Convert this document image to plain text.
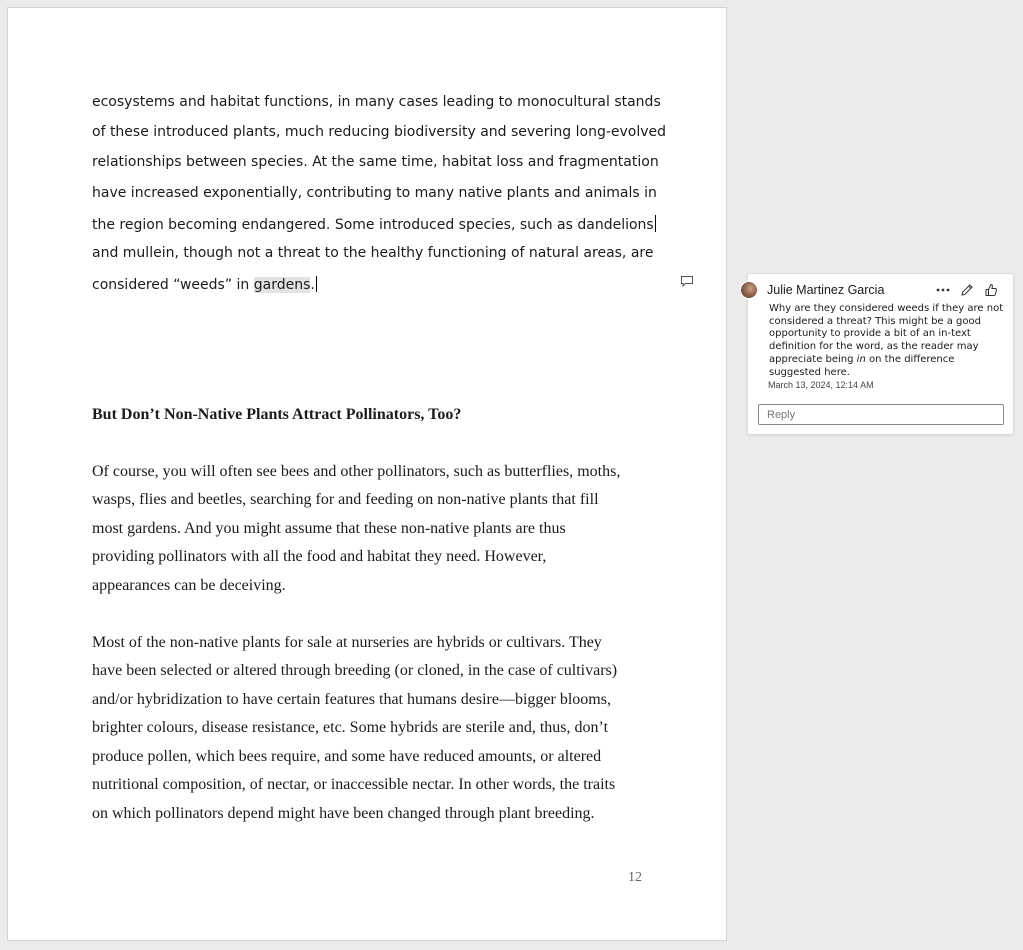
ecosystems and habitat functions, in many cases leading to monocultural stands
of these introduced plants, much reducing biodiversity and severing long-evolved
relationships between species. At the same time, habitat loss and fragmentation
have increased exponentially, contributing to many native plants and animals in
the region becoming endangered. Some introduced species, such as dandelions
and mullein, though not a threat to the healthy functioning of natural areas, are
considered “weeds” in gardens.
But Don’t Non-Native Plants Attract Pollinators, Too?
Of course, you will often see bees and other pollinators, such as butterflies, moths,
wasps, flies and beetles, searching for and feeding on non-native plants that fill
most gardens. And you might assume that these non-native plants are thus
providing pollinators with all the food and habitat they need. However,
appearances can be deceiving.
Most of the non-native plants for sale at nurseries are hybrids or cultivars. They
have been selected or altered through breeding (or cloned, in the case of cultivars)
and/or hybridization to have certain features that humans desire—bigger blooms,
brighter colours, disease resistance, etc. Some hybrids are sterile and, thus, don’t
produce pollen, which bees require, and some have reduced amounts, or altered
nutritional composition, of nectar, or inaccessible nectar. In other words, the traits
on which pollinators depend might have been changed through plant breeding.
12
Julie Martinez Garcia
Why are they considered weeds if they are not
considered a threat? This might be a good
opportunity to provide a bit of an in-text
definition for the word, as the reader may
appreciate being in on the difference
suggested here.
March 13, 2024, 12:14 AM
Reply
